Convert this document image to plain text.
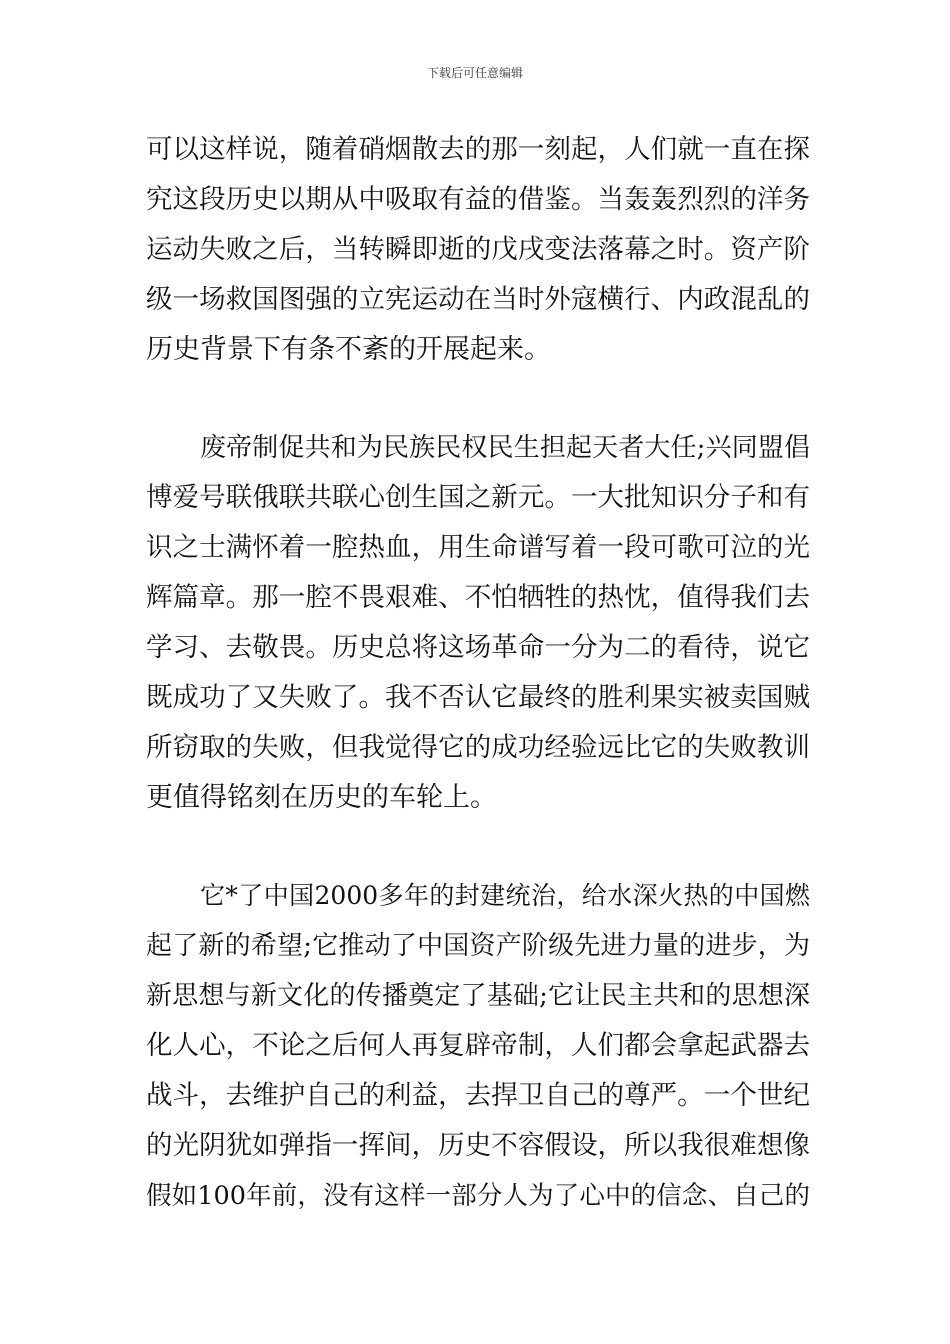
下载后可任意编辑
可以这样说，随着硝烟散去的那一刻起，人们就一直在探
究这段历史以期从中吸取有益的借鉴。当轰轰烈烈的洋务
运动失败之后，当转瞬即逝的戊戌变法落幕之时。资产阶
级一场救国图强的立宪运动在当时外寇横行、内政混乱的
历史背景下有条不紊的开展起来。
废帝制促共和为民族民权民生担起天者大任;兴同盟倡
博爱号联俄联共联心创生国之新元。一大批知识分子和有
识之士满怀着一腔热血，用生命谱写着一段可歌可泣的光
辉篇章。那一腔不畏艰难、不怕牺牲的热忱，值得我们去
学习、去敬畏。历史总将这场革命一分为二的看待，说它
既成功了又失败了。我不否认它最终的胜利果实被卖国贼
所窃取的失败，但我觉得它的成功经验远比它的失败教训
更值得铭刻在历史的车轮上。
它*了中国2000多年的封建统治，给水深火热的中国燃
起了新的希望;它推动了中国资产阶级先进力量的进步，为
新思想与新文化的传播奠定了基础;它让民主共和的思想深
化人心，不论之后何人再复辟帝制，人们都会拿起武器去
战斗，去维护自己的利益，去捍卫自己的尊严。一个世纪
的光阴犹如弹指一挥间，历史不容假设，所以我很难想像
假如100年前，没有这样一部分人为了心中的信念、自己的
